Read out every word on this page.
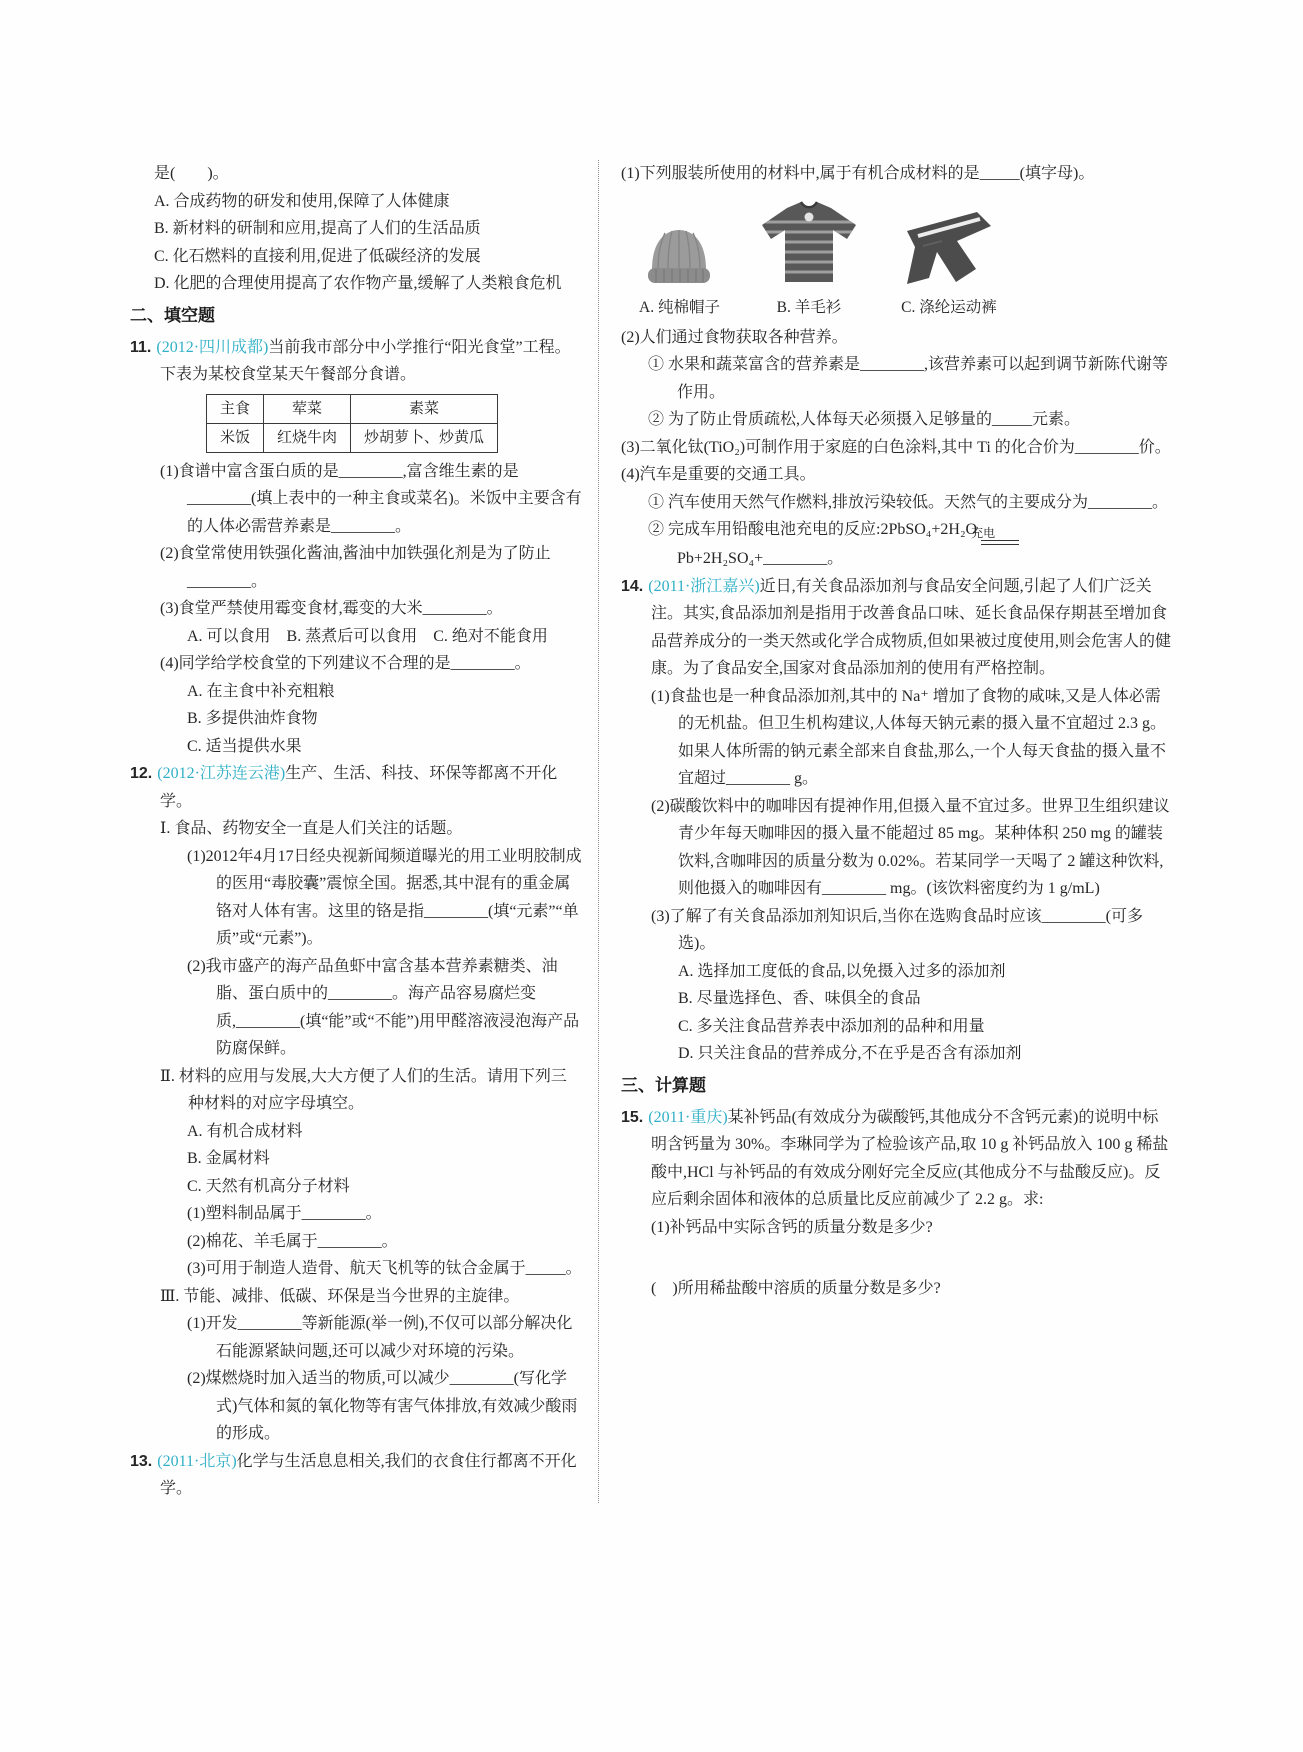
是(　　)。

A. 合成药物的研发和使用,保障了人体健康

B. 新材料的研制和应用,提高了人们的生活品质

C. 化石燃料的直接利用,促进了低碳经济的发展

D. 化肥的合理使用提高了农作物产量,缓解了人类粮食危机

二、填空题

11. (2012·四川成都)当前我市部分中小学推行“阳光食堂”工程。下表为某校食堂某天午餐部分食谱。

主食	荤菜	素菜
米饭	红烧牛肉	炒胡萝卜、炒黄瓜

(1)食谱中富含蛋白质的是________,富含维生素的是________(填上表中的一种主食或菜名)。米饭中主要含有的人体必需营养素是________。

(2)食堂常使用铁强化酱油,酱油中加铁强化剂是为了防止________。

(3)食堂严禁使用霉变食材,霉变的大米________。

A. 可以食用　B. 蒸煮后可以食用　C. 绝对不能食用

(4)同学给学校食堂的下列建议不合理的是________。

A. 在主食中补充粗粮

B. 多提供油炸食物

C. 适当提供水果

12. (2012·江苏连云港)生产、生活、科技、环保等都离不开化学。

Ⅰ. 食品、药物安全一直是人们关注的话题。

(1)2012年4月17日经央视新闻频道曝光的用工业明胶制成的医用“毒胶囊”震惊全国。据悉,其中混有的重金属铬对人体有害。这里的铬是指________(填“元素”“单质”或“元素”)。

(2)我市盛产的海产品鱼虾中富含基本营养素糖类、油脂、蛋白质中的________。海产品容易腐烂变质,________(填“能”或“不能”)用甲醛溶液浸泡海产品防腐保鲜。

Ⅱ. 材料的应用与发展,大大方便了人们的生活。请用下列三种材料的对应字母填空。

A. 有机合成材料

B. 金属材料

C. 天然有机高分子材料

(1)塑料制品属于________。

(2)棉花、羊毛属于________。

(3)可用于制造人造骨、航天飞机等的钛合金属于_____。

Ⅲ. 节能、减排、低碳、环保是当今世界的主旋律。

(1)开发________等新能源(举一例),不仅可以部分解决化石能源紧缺问题,还可以减少对环境的污染。

(2)煤燃烧时加入适当的物质,可以减少________(写化学式)气体和氮的氧化物等有害气体排放,有效减少酸雨的形成。

13. (2011·北京)化学与生活息息相关,我们的衣食住行都离不开化学。

(1)下列服装所使用的材料中,属于有机合成材料的是_____(填字母)。

A. 纯棉帽子	B. 羊毛衫	C. 涤纶运动裤

(2)人们通过食物获取各种营养。

① 水果和蔬菜富含的营养素是________,该营养素可以起到调节新陈代谢等作用。

② 为了防止骨质疏松,人体每天必须摄入足够量的_____元素。

(3)二氧化钛(TiO₂)可制作用于家庭的白色涂料,其中 Ti 的化合价为________价。

(4)汽车是重要的交通工具。

① 汽车使用天然气作燃料,排放污染较低。天然气的主要成分为________。

② 完成车用铅酸电池充电的反应:2PbSO₄+2H₂O
充电

Pb+2H₂SO₄+________。

14. (2011·浙江嘉兴)近日,有关食品添加剂与食品安全问题,引起了人们广泛关注。其实,食品添加剂是指用于改善食品口味、延长食品保存期甚至增加食品营养成分的一类天然或化学合成物质,但如果被过度使用,则会危害人的健康。为了食品安全,国家对食品添加剂的使用有严格控制。

(1)食盐也是一种食品添加剂,其中的 Na⁺ 增加了食物的咸味,又是人体必需的无机盐。但卫生机构建议,人体每天钠元素的摄入量不宜超过 2.3 g。如果人体所需的钠元素全部来自食盐,那么,一个人每天食盐的摄入量不宜超过________ g。

(2)碳酸饮料中的咖啡因有提神作用,但摄入量不宜过多。世界卫生组织建议青少年每天咖啡因的摄入量不能超过 85 mg。某种体积 250 mg 的罐装饮料,含咖啡因的质量分数为 0.02%。若某同学一天喝了 2 罐这种饮料,则他摄入的咖啡因有________ mg。(该饮料密度约为 1 g/mL)

(3)了解了有关食品添加剂知识后,当你在选购食品时应该________(可多选)。

A. 选择加工度低的食品,以免摄入过多的添加剂

B. 尽量选择色、香、味俱全的食品

C. 多关注食品营养表中添加剂的品种和用量

D. 只关注食品的营养成分,不在乎是否含有添加剂

三、计算题

15. (2011·重庆)某补钙品(有效成分为碳酸钙,其他成分不含钙元素)的说明中标明含钙量为 30%。李琳同学为了检验该产品,取 10 g 补钙品放入 100 g 稀盐酸中,HCl 与补钙品的有效成分刚好完全反应(其他成分不与盐酸反应)。反应后剩余固体和液体的总质量比反应前减少了 2.2 g。求:

(1)补钙品中实际含钙的质量分数是多少?

(　)所用稀盐酸中溶质的质量分数是多少?
